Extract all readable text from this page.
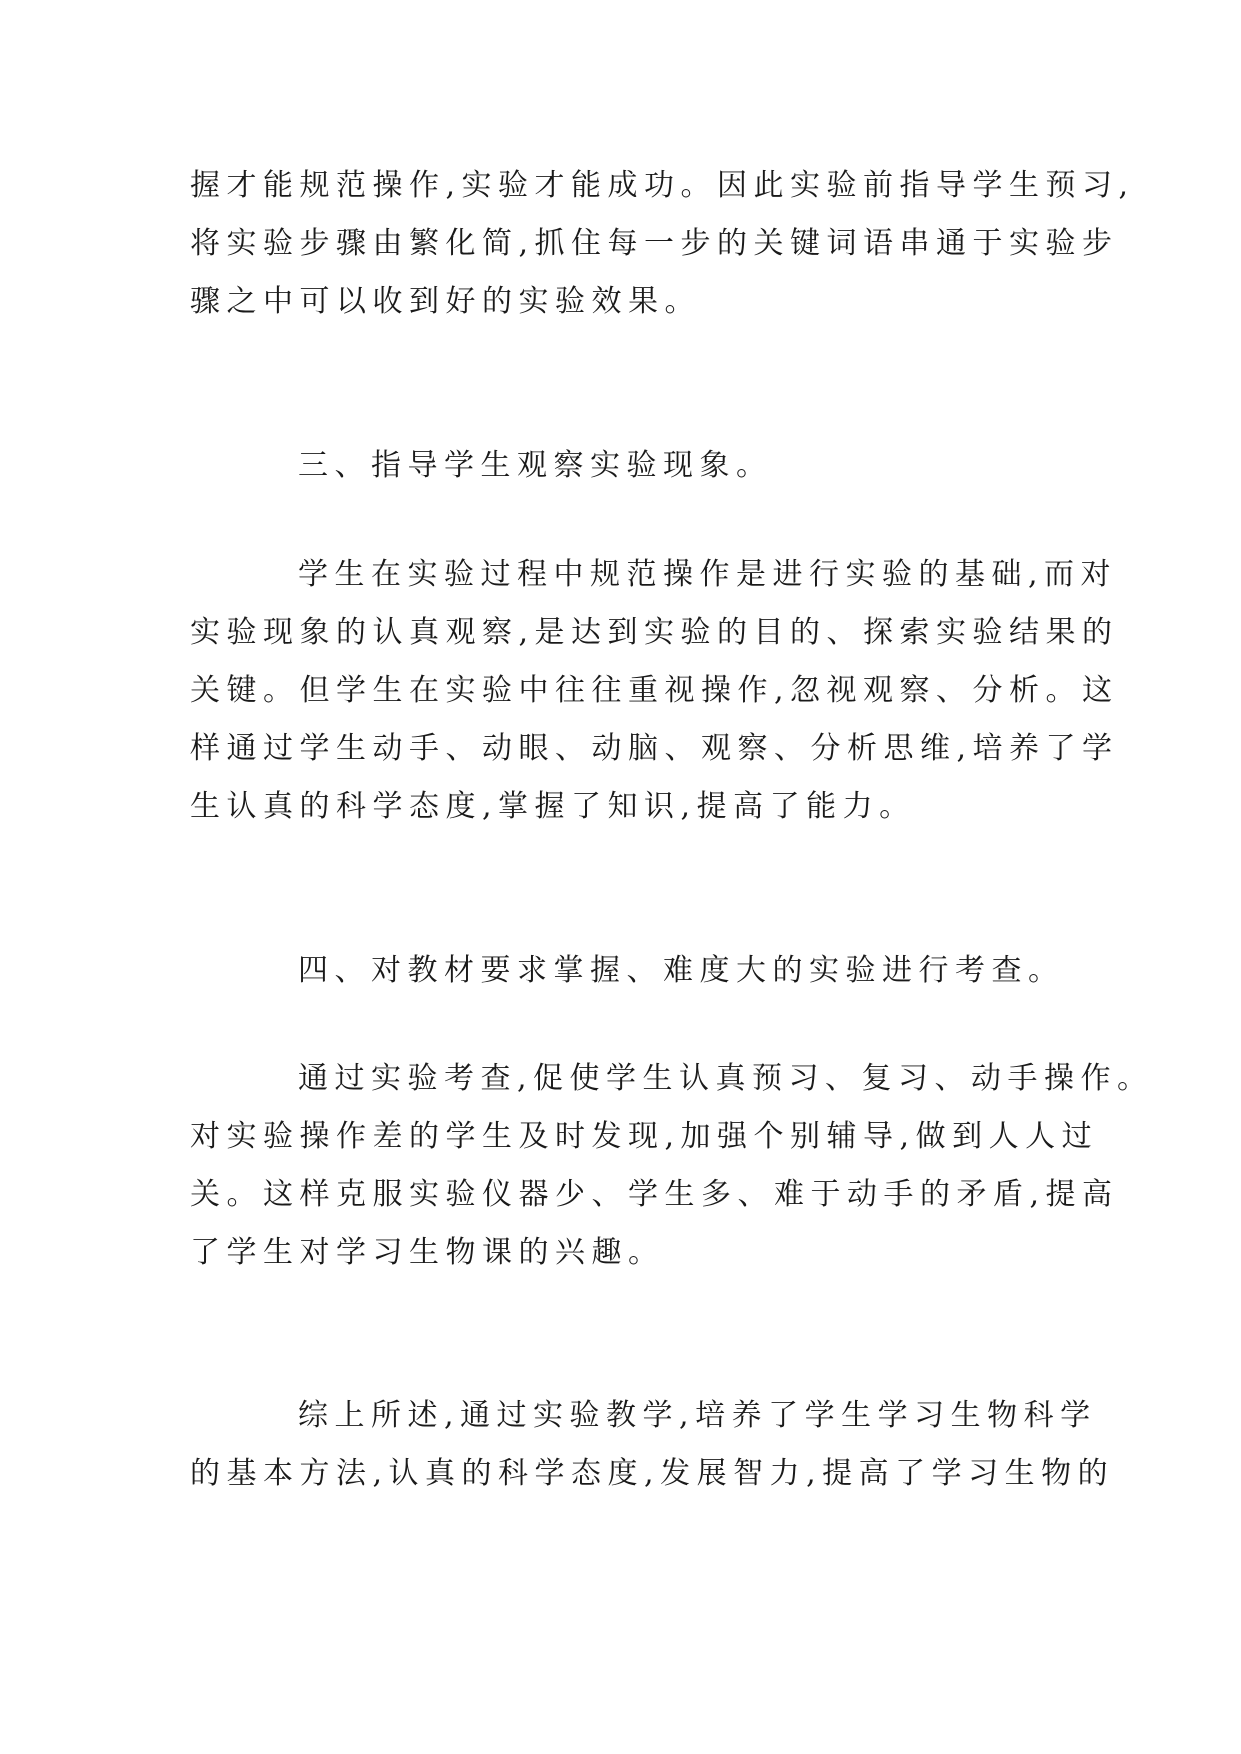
握才能规范操作,实验才能成功。因此实验前指导学生预习,
将实验步骤由繁化简,抓住每一步的关键词语串通于实验步
骤之中可以收到好的实验效果。
三、指导学生观察实验现象。
学生在实验过程中规范操作是进行实验的基础,而对
实验现象的认真观察,是达到实验的目的、探索实验结果的
关键。但学生在实验中往往重视操作,忽视观察、分析。这
样通过学生动手、动眼、动脑、观察、分析思维,培养了学
生认真的科学态度,掌握了知识,提高了能力。
四、对教材要求掌握、难度大的实验进行考查。
通过实验考查,促使学生认真预习、复习、动手操作。
对实验操作差的学生及时发现,加强个别辅导,做到人人过
关。这样克服实验仪器少、学生多、难于动手的矛盾,提高
了学生对学习生物课的兴趣。
综上所述,通过实验教学,培养了学生学习生物科学
的基本方法,认真的科学态度,发展智力,提高了学习生物的
